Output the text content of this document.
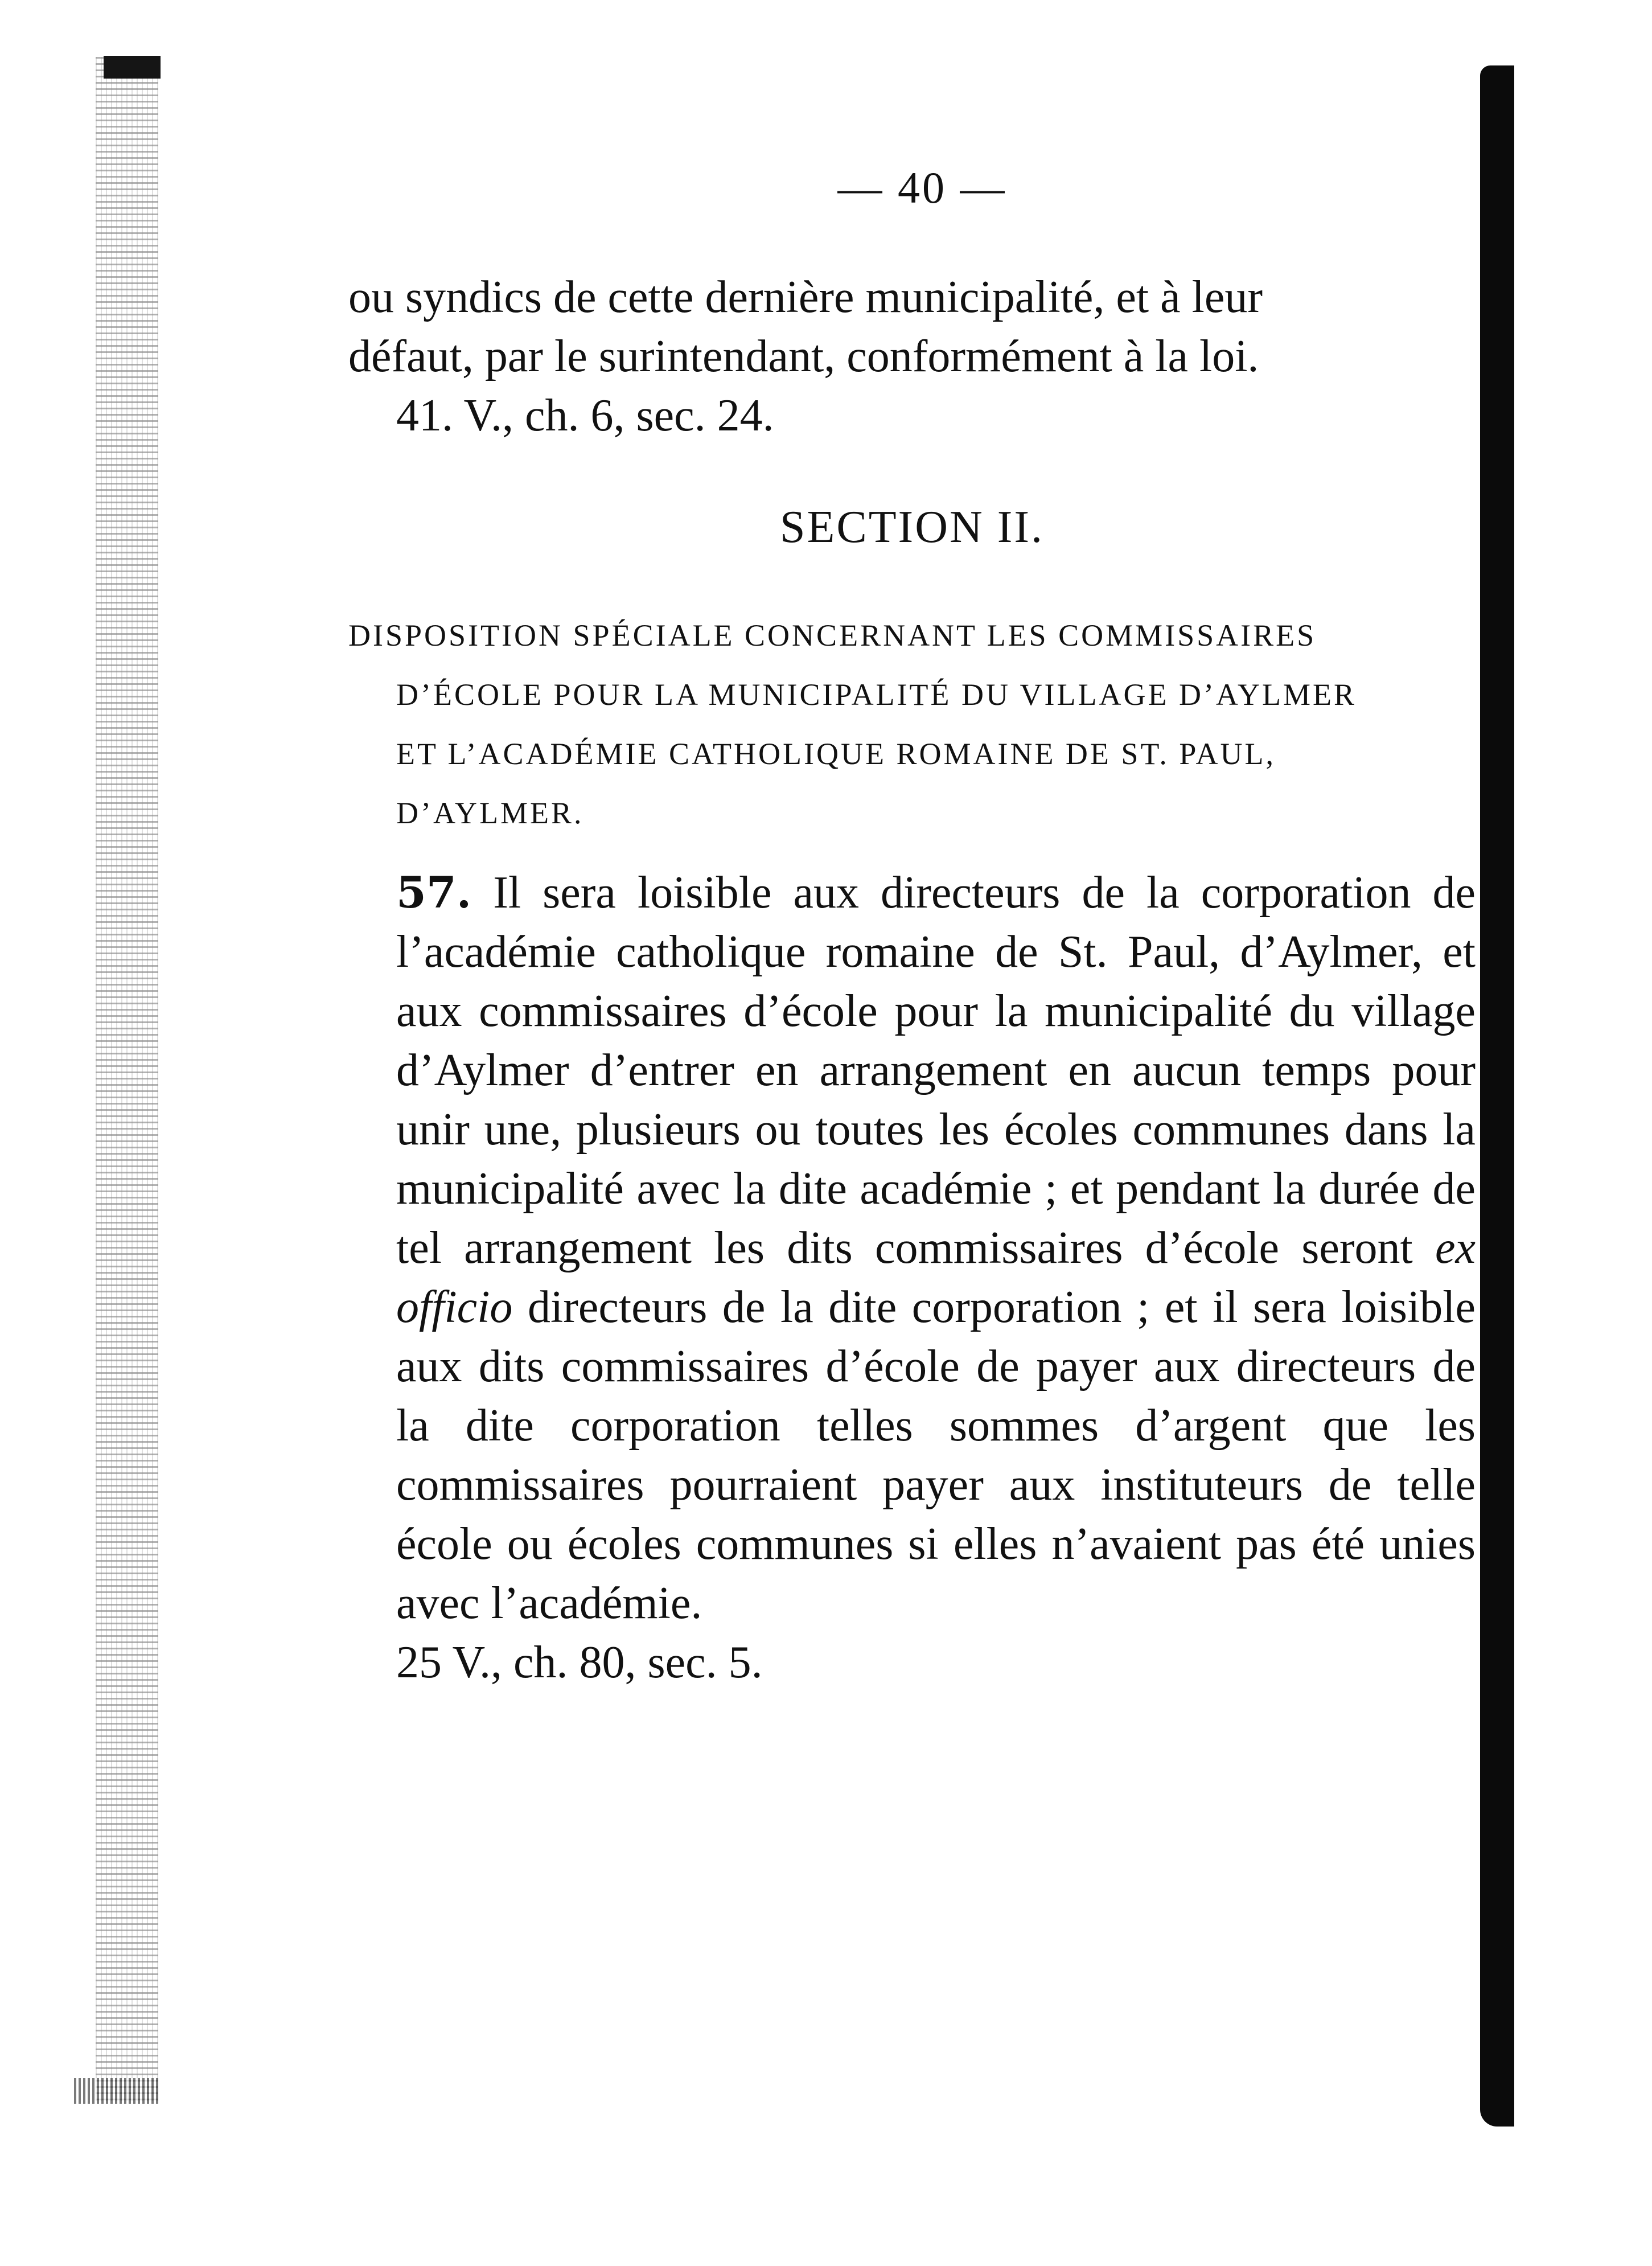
— 40 —

ou syndics de cette dernière municipalité, et à leur

défaut, par le surintendant, conformément à la loi.

41. V., ch. 6, sec. 24.

SECTION II.
DISPOSITION SPÉCIALE CONCERNANT LES COMMISSAIRES
D’ÉCOLE POUR LA MUNICIPALITÉ DU VILLAGE D’AYLMER
ET L’ACADÉMIE CATHOLIQUE ROMAINE DE ST. PAUL,
D’AYLMER.

57. Il sera loisible aux directeurs de la corporation de l’académie catholique romaine de St. Paul, d’Aylmer, et aux commissaires d’école pour la municipalité du village d’Aylmer d’entrer en arrangement en aucun temps pour unir une, plusieurs ou toutes les écoles communes dans la municipalité avec la dite académie ; et pendant la durée de tel arrangement les dits commissaires d’école seront ex officio directeurs de la dite corporation ; et il sera loisible aux dits commissaires d’école de payer aux directeurs de la dite corporation telles sommes d’argent que les commissaires pourraient payer aux instituteurs de telle école ou écoles communes si elles n’avaient pas été unies avec l’académie.

25 V., ch. 80, sec. 5.
